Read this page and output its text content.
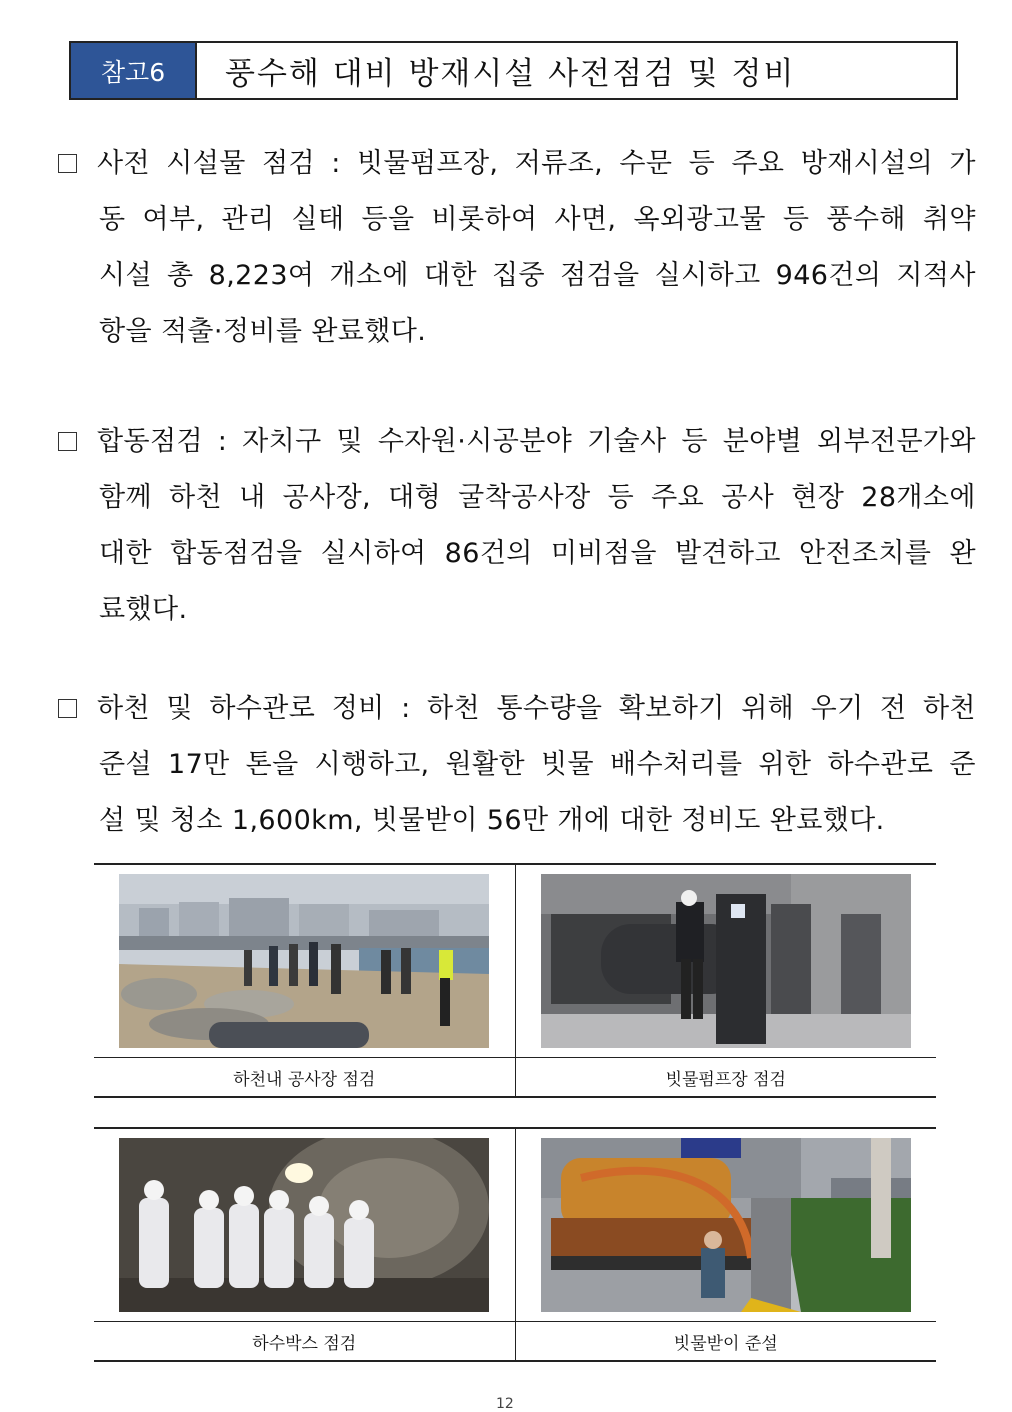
참고6	풍수해 대비 방재시설 사전점검 및 정비
사전 시설물 점검 : 빗물펌프장, 저류조, 수문 등 주요 방재시설의 가
동 여부, 관리 실태 등을 비롯하여 사면, 옥외광고물 등 풍수해 취약
시설 총 8,223여 개소에 대한 집중 점검을 실시하고 946건의 지적사
항을 적출·정비를 완료했다.
합동점검 : 자치구 및 수자원·시공분야 기술사 등 분야별 외부전문가와
함께 하천 내 공사장, 대형 굴착공사장 등 주요 공사 현장 28개소에
대한 합동점검을 실시하여 86건의 미비점을 발견하고 안전조치를 완
료했다.
하천 및 하수관로 정비 : 하천 통수량을 확보하기 위해 우기 전 하천
준설 17만 톤을 시행하고, 원활한 빗물 배수처리를 위한 하수관로 준
설 및 청소 1,600km, 빗물받이 56만 개에 대한 정비도 완료했다.
하천내 공사장 점검	빗물펌프장 점검
하수박스 점검	빗물받이 준설
12
